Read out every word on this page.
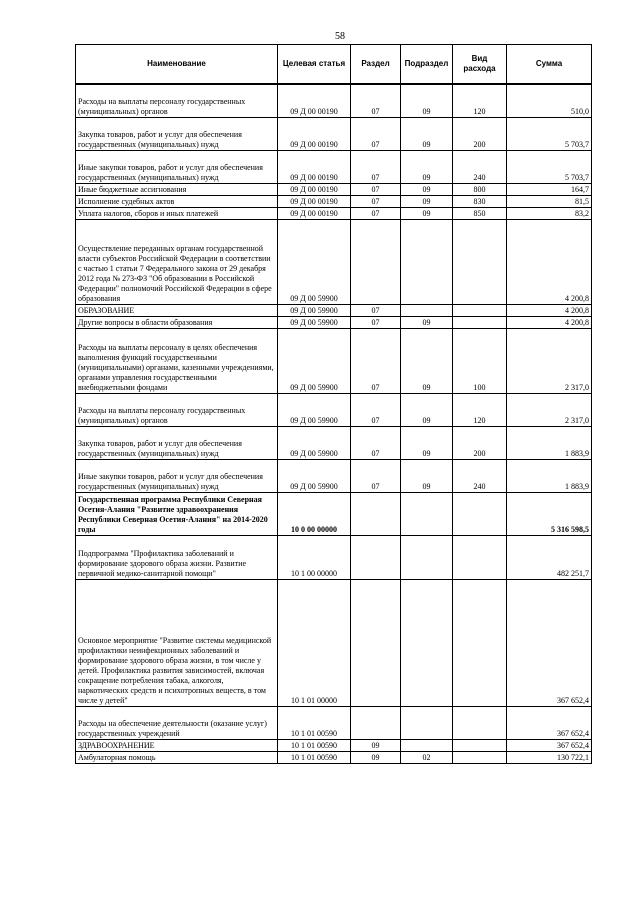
58
Наименование	Целевая статья	Раздел	Подраздел	Вид расхода	Сумма
Расходы на выплаты персоналу государственных (муниципальных) органов	09 Д 00 00190	07	09	120	510,0
Закупка товаров, работ и услуг для обеспечения государственных (муниципальных) нужд	09 Д 00 00190	07	09	200	5 703,7
Иные закупки товаров, работ и услуг для обеспечения государственных (муниципальных) нужд	09 Д 00 00190	07	09	240	5 703,7
Иные бюджетные ассигнования	09 Д 00 00190	07	09	800	164,7
Исполнение судебных актов	09 Д 00 00190	07	09	830	81,5
Уплата налогов, сборов и иных платежей	09 Д 00 00190	07	09	850	83,2
Осуществление переданных органам государственной власти субъектов Российской Федерации в соответствии с частью 1 статьи 7 Федерального закона от 29 декабря 2012 года № 273-ФЗ "Об образовании в Российской Федерации" полномочий Российской Федерации в сфере образования	09 Д 00 59900				4 200,8
ОБРАЗОВАНИЕ	09 Д 00 59900	07			4 200,8
Другие вопросы в области образования	09 Д 00 59900	07	09		4 200,8
Расходы на выплаты персоналу в целях обеспечения выполнения функций государственными (муниципальными) органами, казенными учреждениями, органами управления государственными внебюджетными фондами	09 Д 00 59900	07	09	100	2 317,0
Расходы на выплаты персоналу государственных (муниципальных) органов	09 Д 00 59900	07	09	120	2 317,0
Закупка товаров, работ и услуг для обеспечения государственных (муниципальных) нужд	09 Д 00 59900	07	09	200	1 883,9
Иные закупки товаров, работ и услуг для обеспечения государственных (муниципальных) нужд	09 Д 00 59900	07	09	240	1 883,9
Государственная программа Республики Северная Осетия-Алания "Развитие здравоохранения Республики Северная Осетия-Алания" на 2014-2020 годы	10 0 00 00000				5 316 598,5
Подпрограмма "Профилактика заболеваний и формирование здорового образа жизни. Развитие первичной медико-санитарной помощи"	10 1 00 00000				482 251,7
Основное мероприятие "Развитие системы медицинской профилактики неинфекционных заболеваний и формирование здорового образа жизни, в том числе у детей. Профилактика развития зависимостей, включая сокращение потребления табака, алкоголя, наркотических средств и психотропных веществ, в том числе у детей"	10 1 01 00000				367 652,4
Расходы на обеспечение деятельности (оказание услуг) государственных учреждений	10 1 01 00590				367 652,4
ЗДРАВООХРАНЕНИЕ	10 1 01 00590	09			367 652,4
Амбулаторная помощь	10 1 01 00590	09	02		130 722,1
